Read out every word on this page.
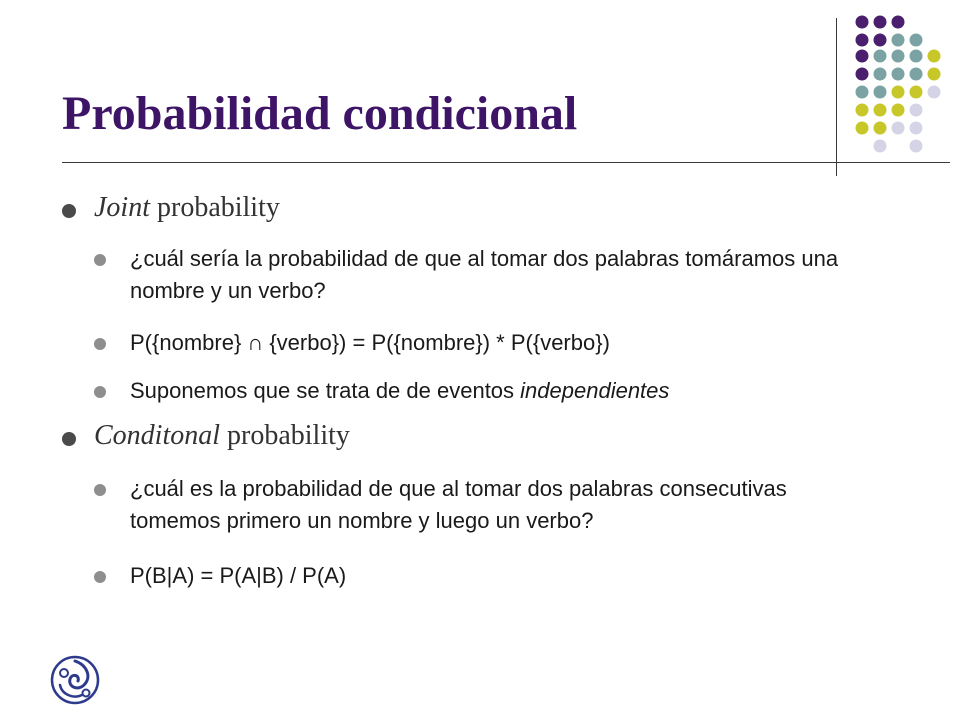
Probabilidad condicional
Joint probability
¿cuál sería la probabilidad de que al tomar dos palabras tomáramos una nombre y un verbo?
P({nombre} ∩ {verbo}) = P({nombre}) * P({verbo})
Suponemos que se trata de de eventos independientes
Conditonal probability
¿cuál es la probabilidad de que al tomar dos palabras consecutivas tomemos primero un nombre y luego un verbo?
P(B|A) = P(A|B) / P(A)
